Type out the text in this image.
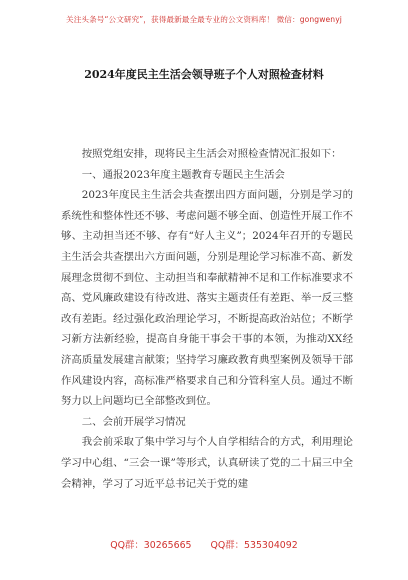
关注头条号“公文研究”，获得最新最全最专业的公文资料库！ 微信：gongwenyj
2024年度民主生活会领导班子个人对照检查材料

按照党组安排，现将民主生活会对照检查情况汇报如下：

一、通报2023年度主题教育专题民主生活会

2023年度民主生活会共查摆出四方面问题，分别是学习的系统性和整体性还不够、考虑问题不够全面、创造性开展工作不够、主动担当还不够、存有“好人主义”；2024年召开的专题民主生活会共查摆出六方面问题，分别是理论学习标准不高、新发展理念贯彻不到位、主动担当和奉献精神不足和工作标准要求不高、党风廉政建设有待改进、落实主题责任有差距、举一反三整改有差距。经过强化政治理论学习，不断提高政治站位；不断学习新方法新经验，提高自身能干事会干事的本领，为推动XX经济高质量发展建言献策；坚持学习廉政教育典型案例及领导干部作风建设内容，高标准严格要求自己和分管科室人员。通过不断努力以上问题均已全部整改到位。

二、会前开展学习情况

我会前采取了集中学习与个人自学相结合的方式，利用理论学习中心组、“三会一课”等形式，认真研读了党的二十届三中全会精神，学习了习近平总书记关于党的建

QQ群：30265665 QQ群：535304092
